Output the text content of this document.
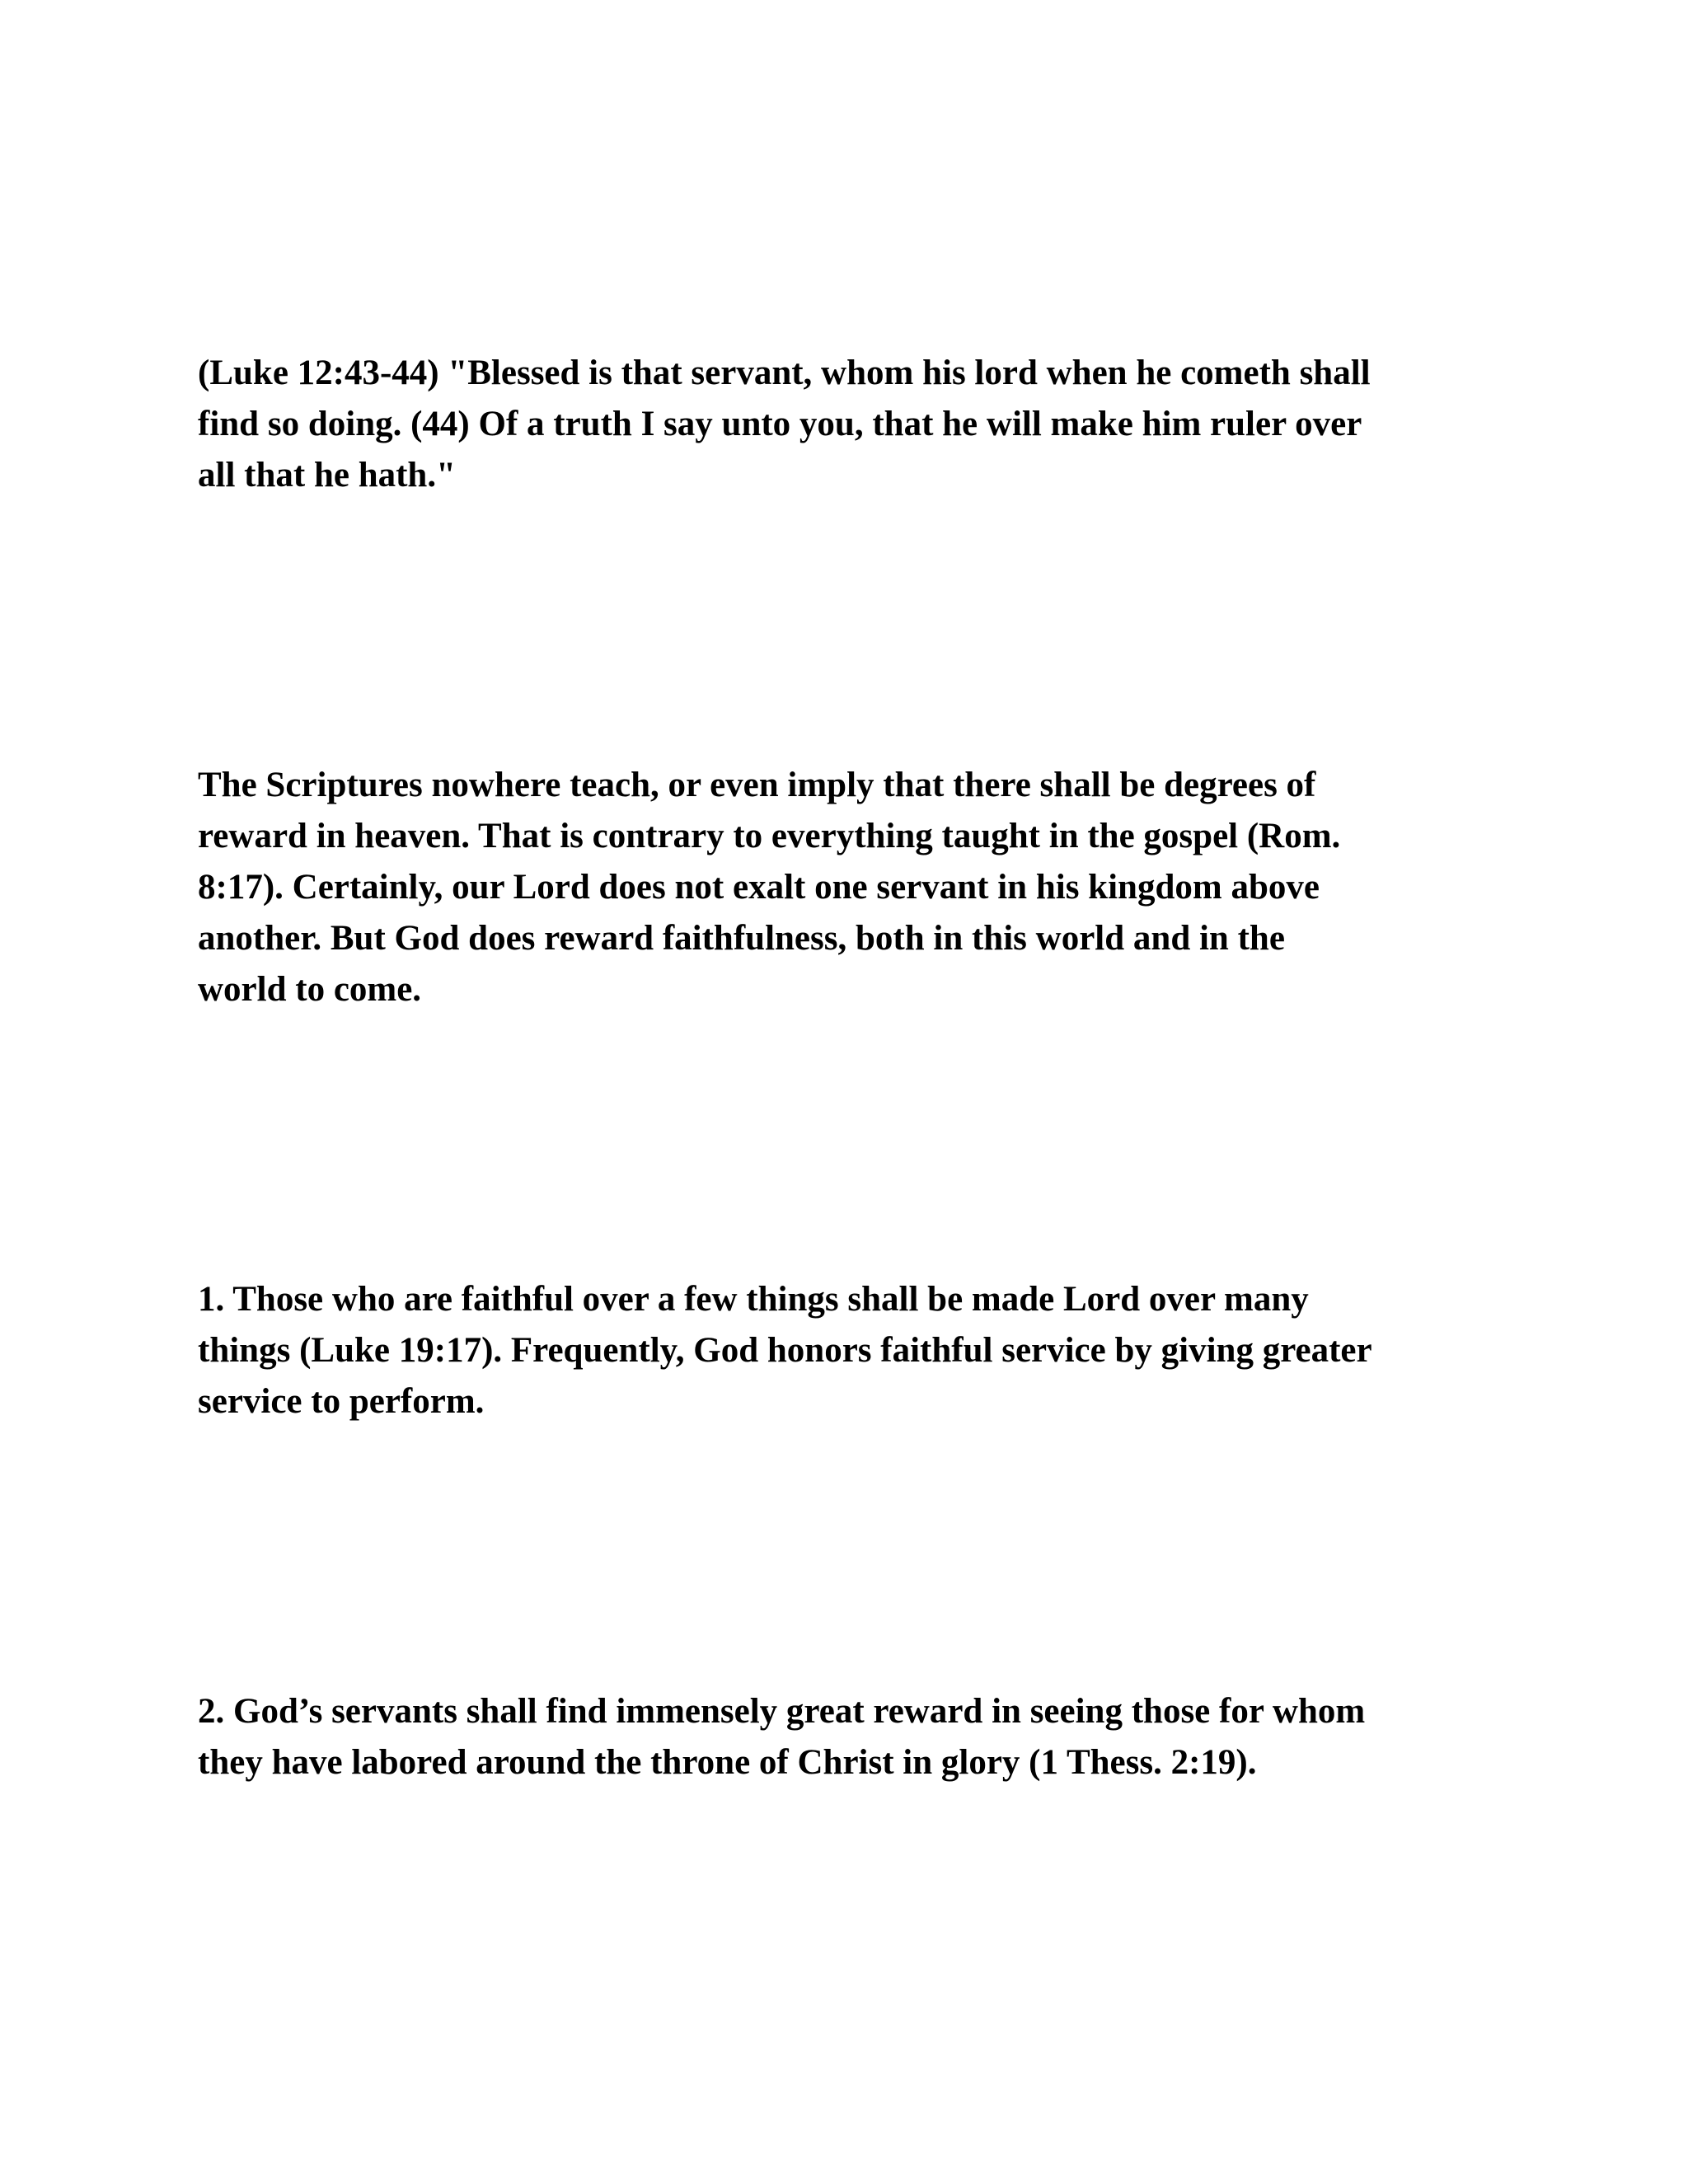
(Luke 12:43-44) "Blessed is that servant, whom his lord when he cometh shall
find so doing. (44) Of a truth I say unto you, that he will make him ruler over
all that he hath."

The Scriptures nowhere teach, or even imply that there shall be degrees of
reward in heaven. That is contrary to everything taught in the gospel (Rom.
8:17). Certainly, our Lord does not exalt one servant in his kingdom above
another. But God does reward faithfulness, both in this world and in the
world to come.

1. Those who are faithful over a few things shall be made Lord over many
things (Luke 19:17). Frequently, God honors faithful service by giving greater
service to perform.

2. God’s servants shall find immensely great reward in seeing those for whom
they have labored around the throne of Christ in glory (1 Thess. 2:19).
